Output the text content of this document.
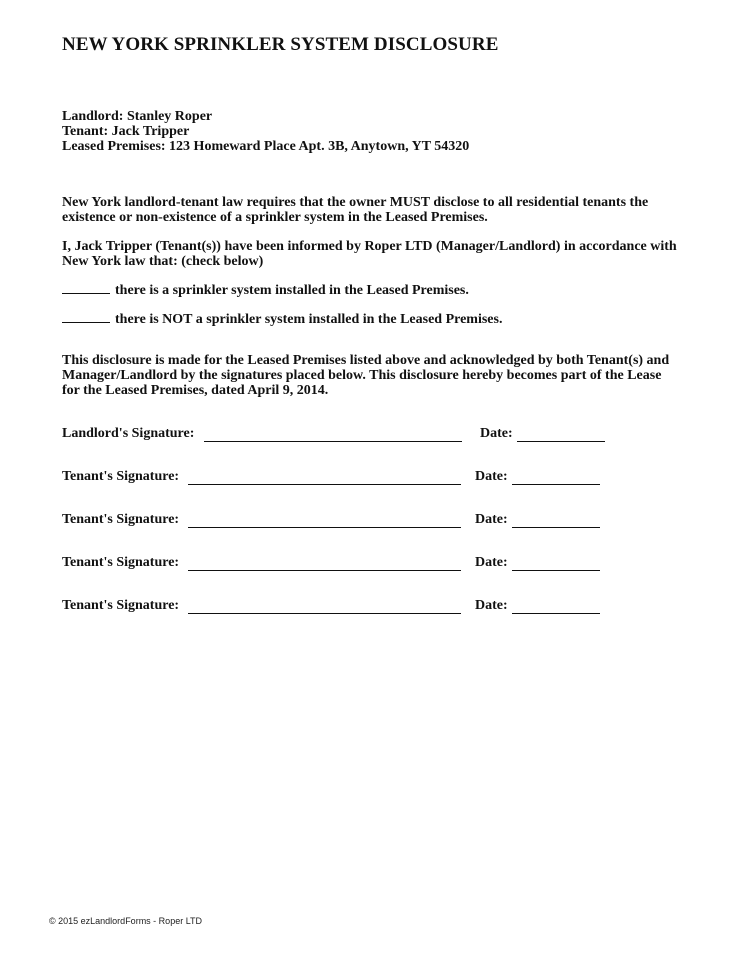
NEW YORK SPRINKLER SYSTEM DISCLOSURE
Landlord: Stanley Roper
Tenant: Jack Tripper
Leased Premises: 123 Homeward Place Apt. 3B, Anytown, YT 54320
New York landlord-tenant law requires that the owner MUST disclose to all residential tenants the existence or non-existence of a sprinkler system in the Leased Premises.
I, Jack Tripper (Tenant(s)) have been informed by Roper LTD (Manager/Landlord) in accordance with New York law that: (check below)
there is a sprinkler system installed in the Leased Premises.
there is NOT a sprinkler system installed in the Leased Premises.
This disclosure is made for the Leased Premises listed above and acknowledged by both Tenant(s) and Manager/Landlord by the signatures placed below. This disclosure hereby becomes part of the Lease for the Leased Premises, dated April 9, 2014.
Landlord's Signature:	Date:
Tenant's Signature:	Date:
Tenant's Signature:	Date:
Tenant's Signature:	Date:
Tenant's Signature:	Date:
© 2015 ezLandlordForms - Roper LTD
